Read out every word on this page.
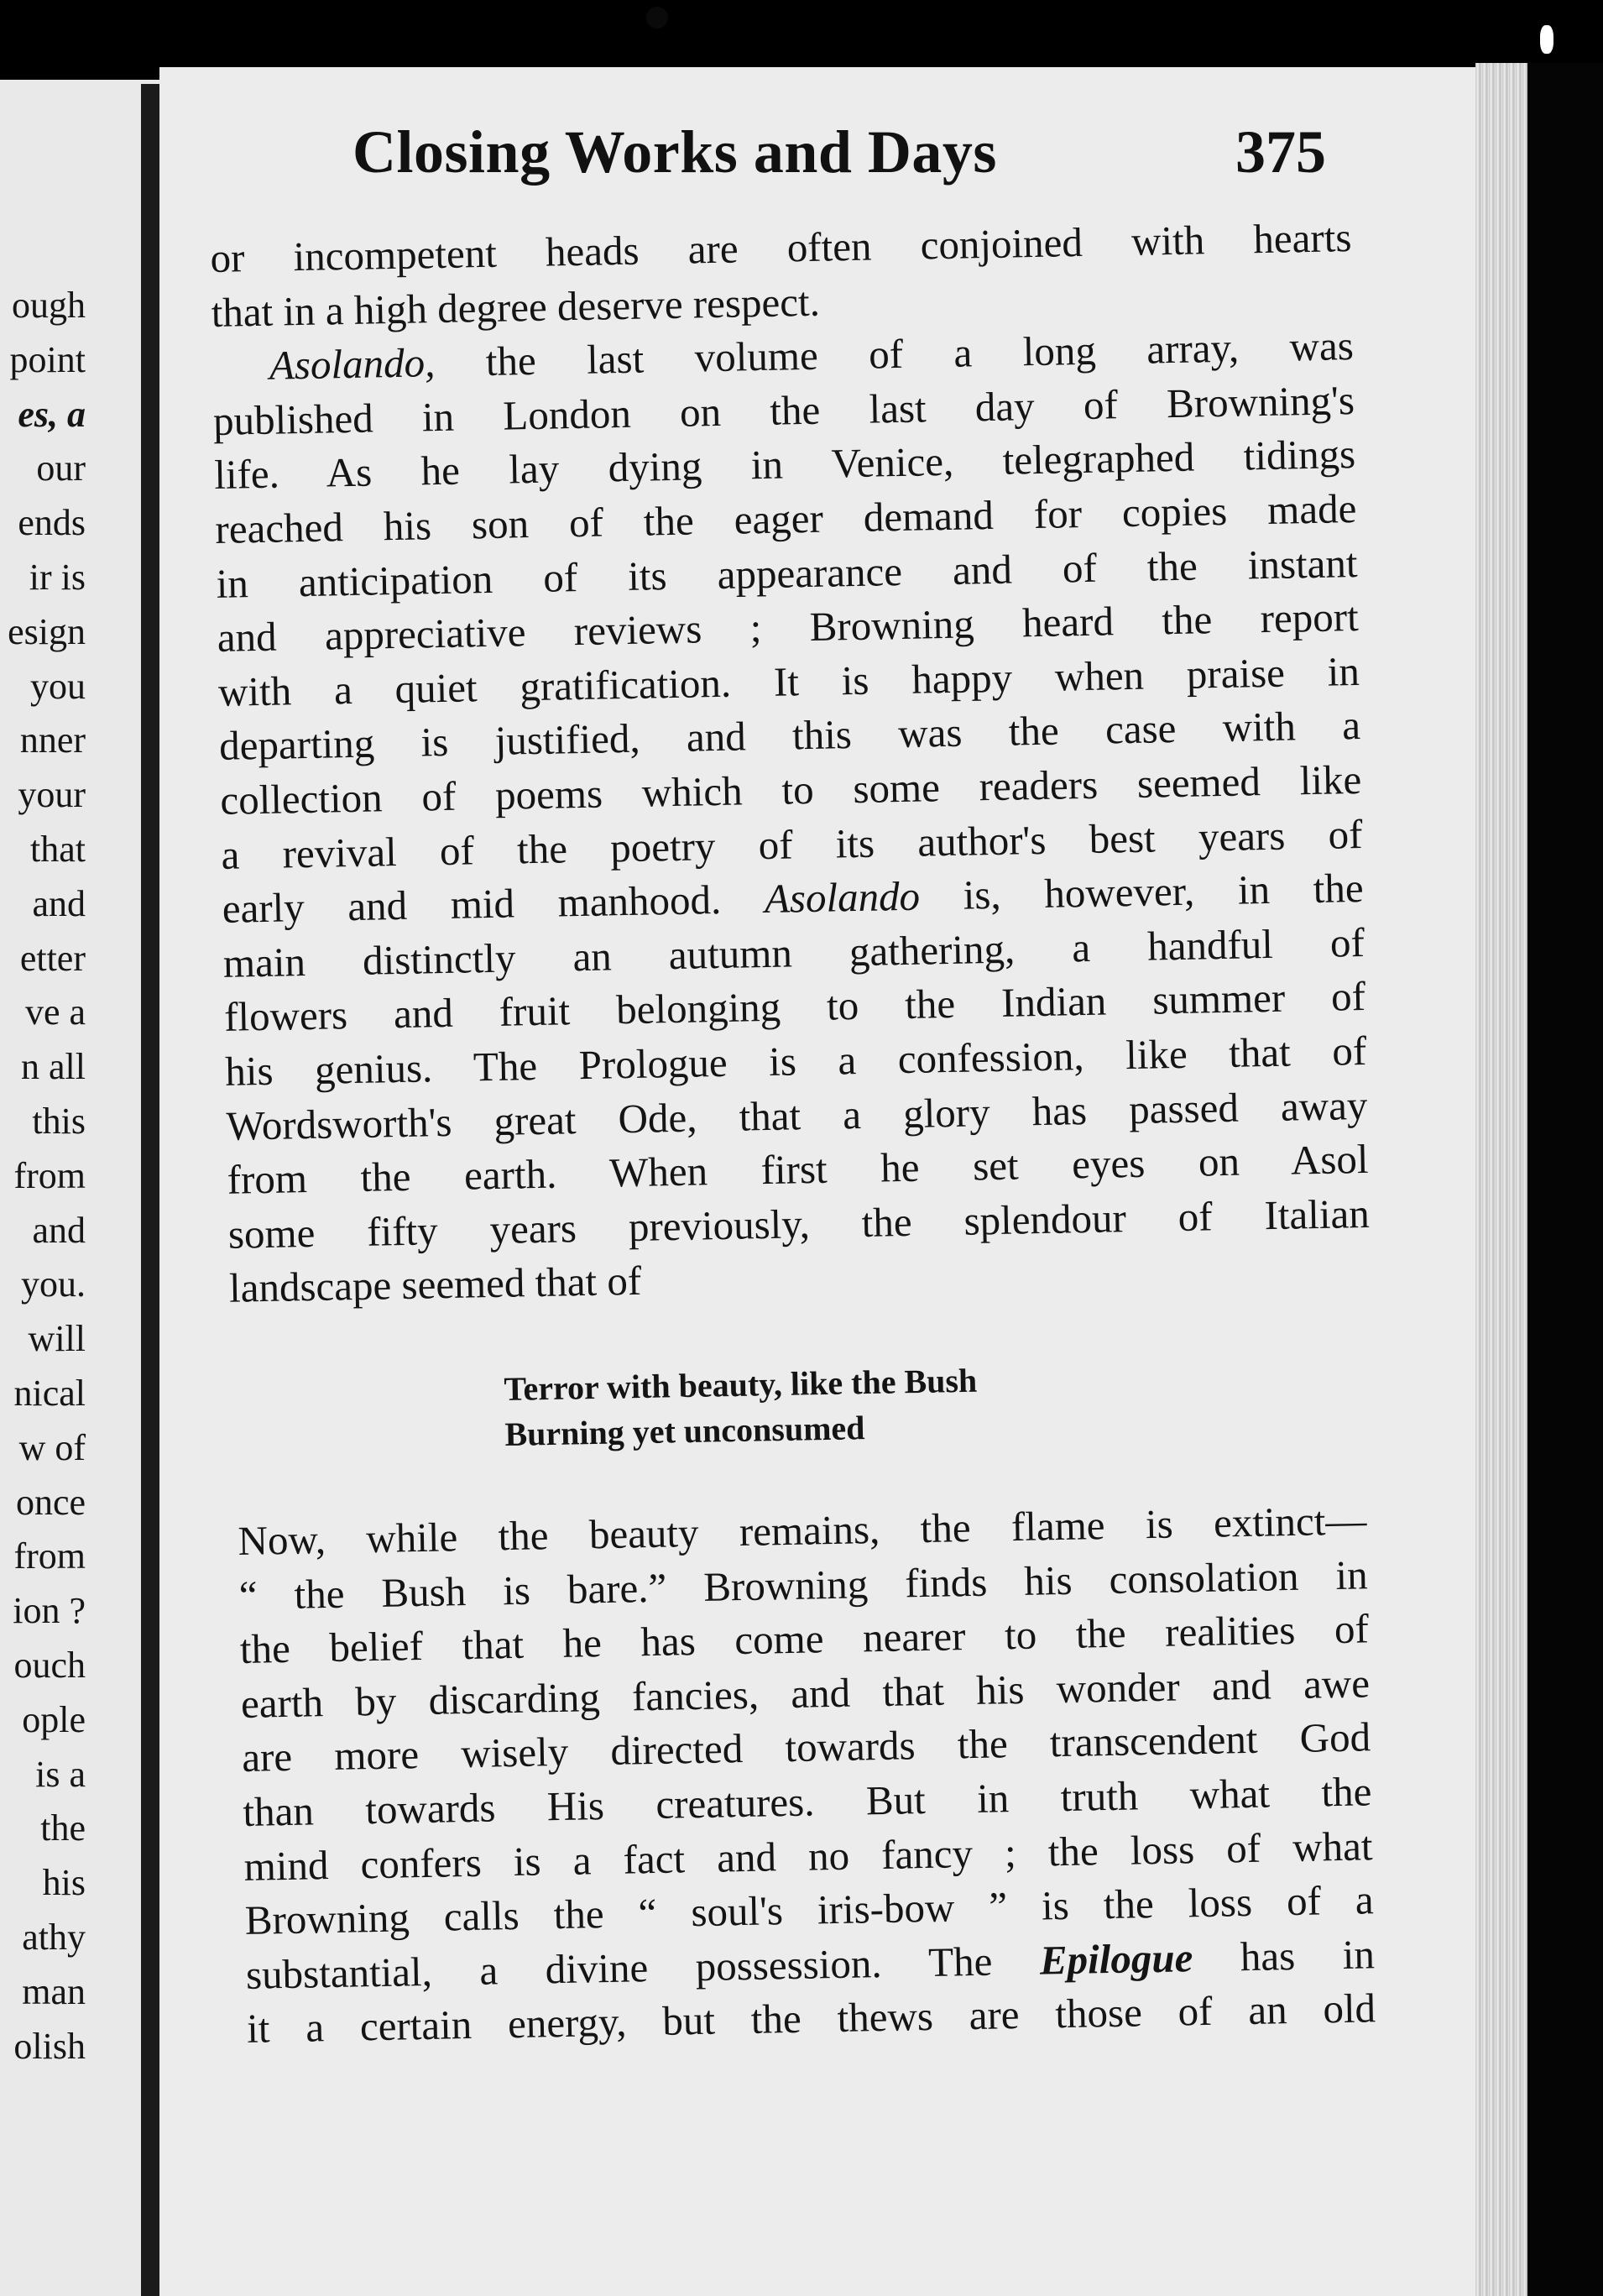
ough
point
es, a
our
ends
ir is
esign
you
nner
your
that
and
etter
ve a
n all
this
from
and
you.
will
nical
w of
once
from
ion ?
ouch
ople
is a
the
his
athy
man
olish
Closing Works and Days	375
or incompetent heads are often conjoined with hearts
that in a high degree deserve respect.
Asolando, the last volume of a long array, was
published in London on the last day of Browning's
life. As he lay dying in Venice, telegraphed tidings
reached his son of the eager demand for copies made
in anticipation of its appearance and of the instant
and appreciative reviews ; Browning heard the report
with a quiet gratification. It is happy when praise in
departing is justified, and this was the case with a
collection of poems which to some readers seemed like
a revival of the poetry of its author's best years of
early and mid manhood. Asolando is, however, in the
main distinctly an autumn gathering, a handful of
flowers and fruit belonging to the Indian summer of
his genius. The Prologue is a confession, like that of
Wordsworth's great Ode, that a glory has passed away
from the earth. When first he set eyes on Asol
some fifty years previously, the splendour of Italian
landscape seemed that of
Terror with beauty, like the Bush
Burning yet unconsumed
Now, while the beauty remains, the flame is extinct—
“ the Bush is bare.” Browning finds his consolation in
the belief that he has come nearer to the realities of
earth by discarding fancies, and that his wonder and awe
are more wisely directed towards the transcendent God
than towards His creatures. But in truth what the
mind confers is a fact and no fancy ; the loss of what
Browning calls the “ soul's iris-bow ” is the loss of a
substantial, a divine possession. The Epilogue has in
it a certain energy, but the thews are those of an old
